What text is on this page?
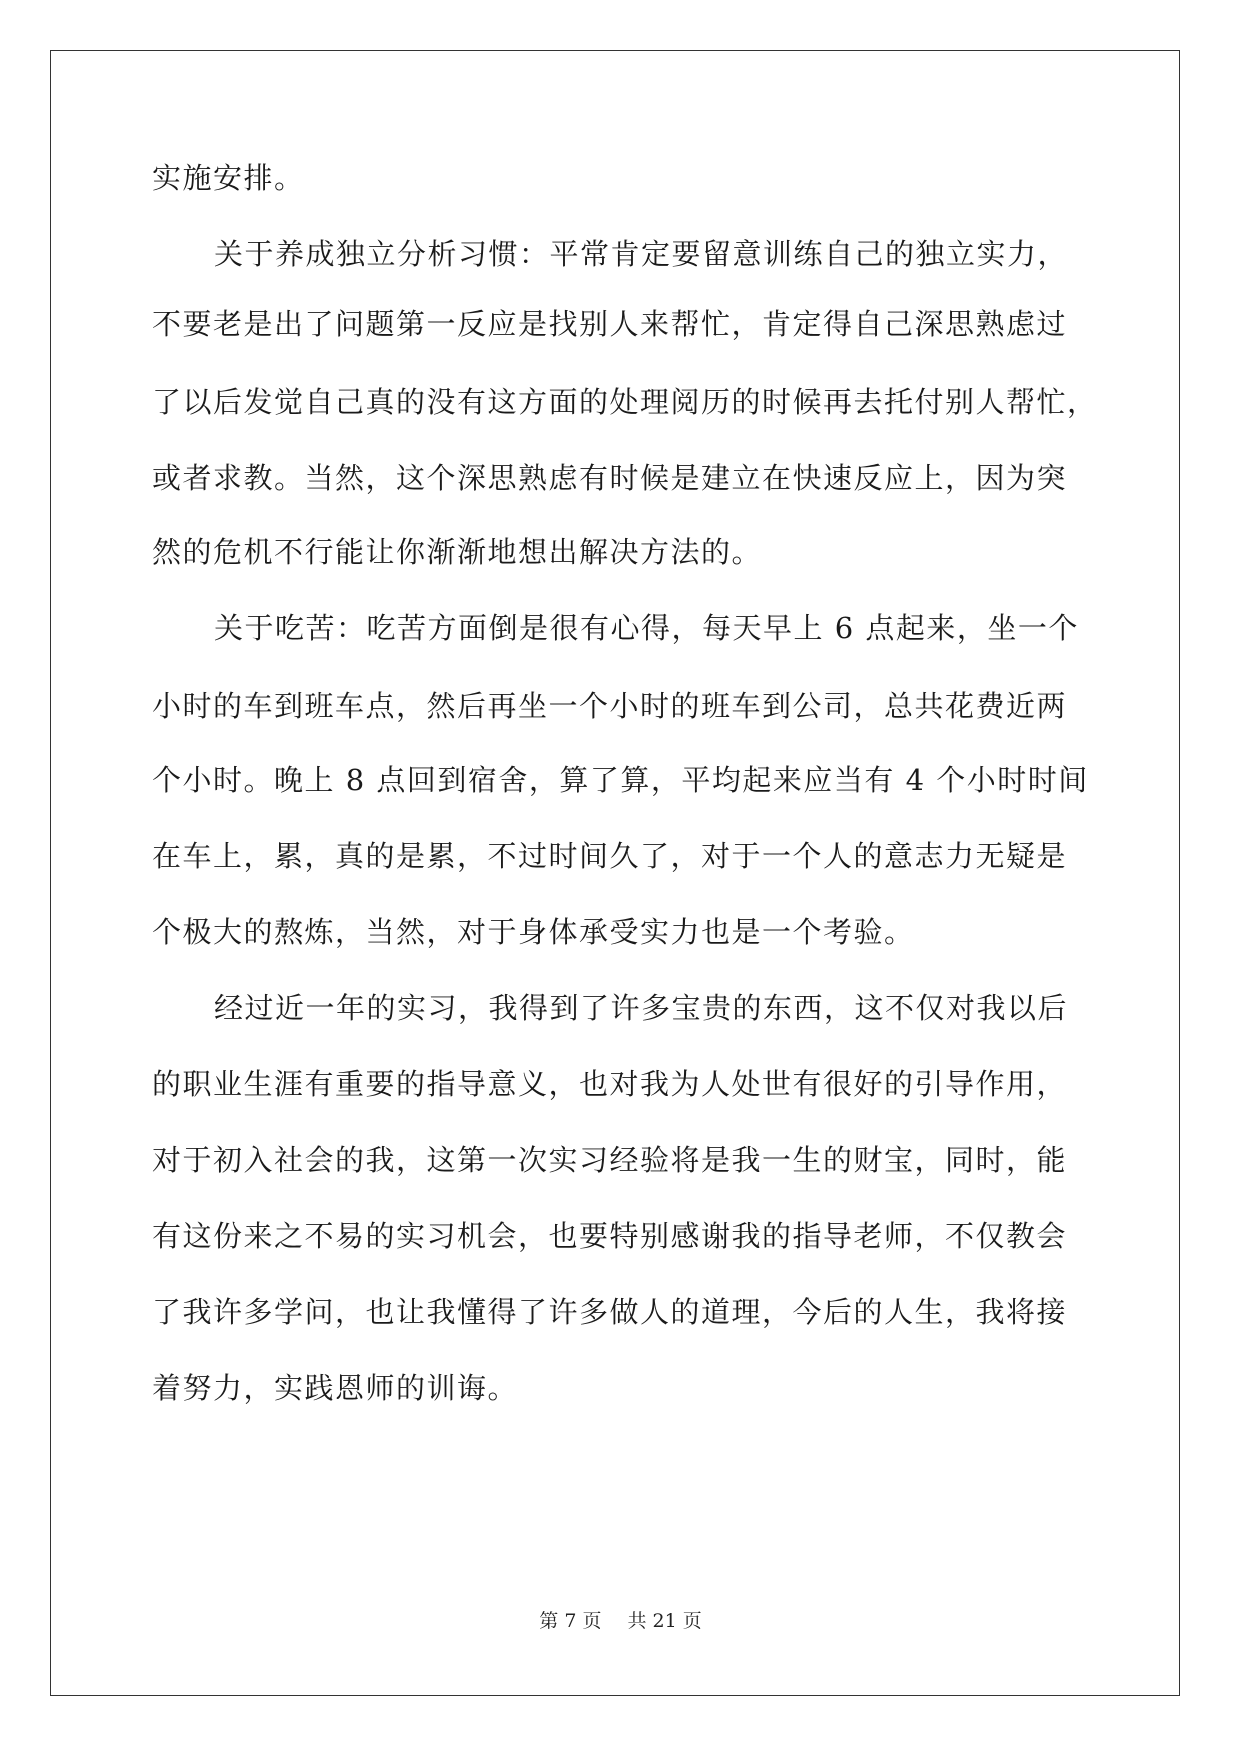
实施安排。
关于养成独立分析习惯：平常肯定要留意训练自己的独立实力，
不要老是出了问题第一反应是找别人来帮忙，肯定得自己深思熟虑过
了以后发觉自己真的没有这方面的处理阅历的时候再去托付别人帮忙，
或者求教。当然，这个深思熟虑有时候是建立在快速反应上，因为突
然的危机不行能让你渐渐地想出解决方法的。
关于吃苦：吃苦方面倒是很有心得，每天早上 6 点起来，坐一个
小时的车到班车点，然后再坐一个小时的班车到公司，总共花费近两
个小时。晚上 8 点回到宿舍，算了算，平均起来应当有 4 个小时时间
在车上，累，真的是累，不过时间久了，对于一个人的意志力无疑是
个极大的熬炼，当然，对于身体承受实力也是一个考验。
经过近一年的实习，我得到了许多宝贵的东西，这不仅对我以后
的职业生涯有重要的指导意义，也对我为人处世有很好的引导作用，
对于初入社会的我，这第一次实习经验将是我一生的财宝，同时，能
有这份来之不易的实习机会，也要特别感谢我的指导老师，不仅教会
了我许多学问，也让我懂得了许多做人的道理，今后的人生，我将接
着努力，实践恩师的训诲。
第 7 页 共 21 页
